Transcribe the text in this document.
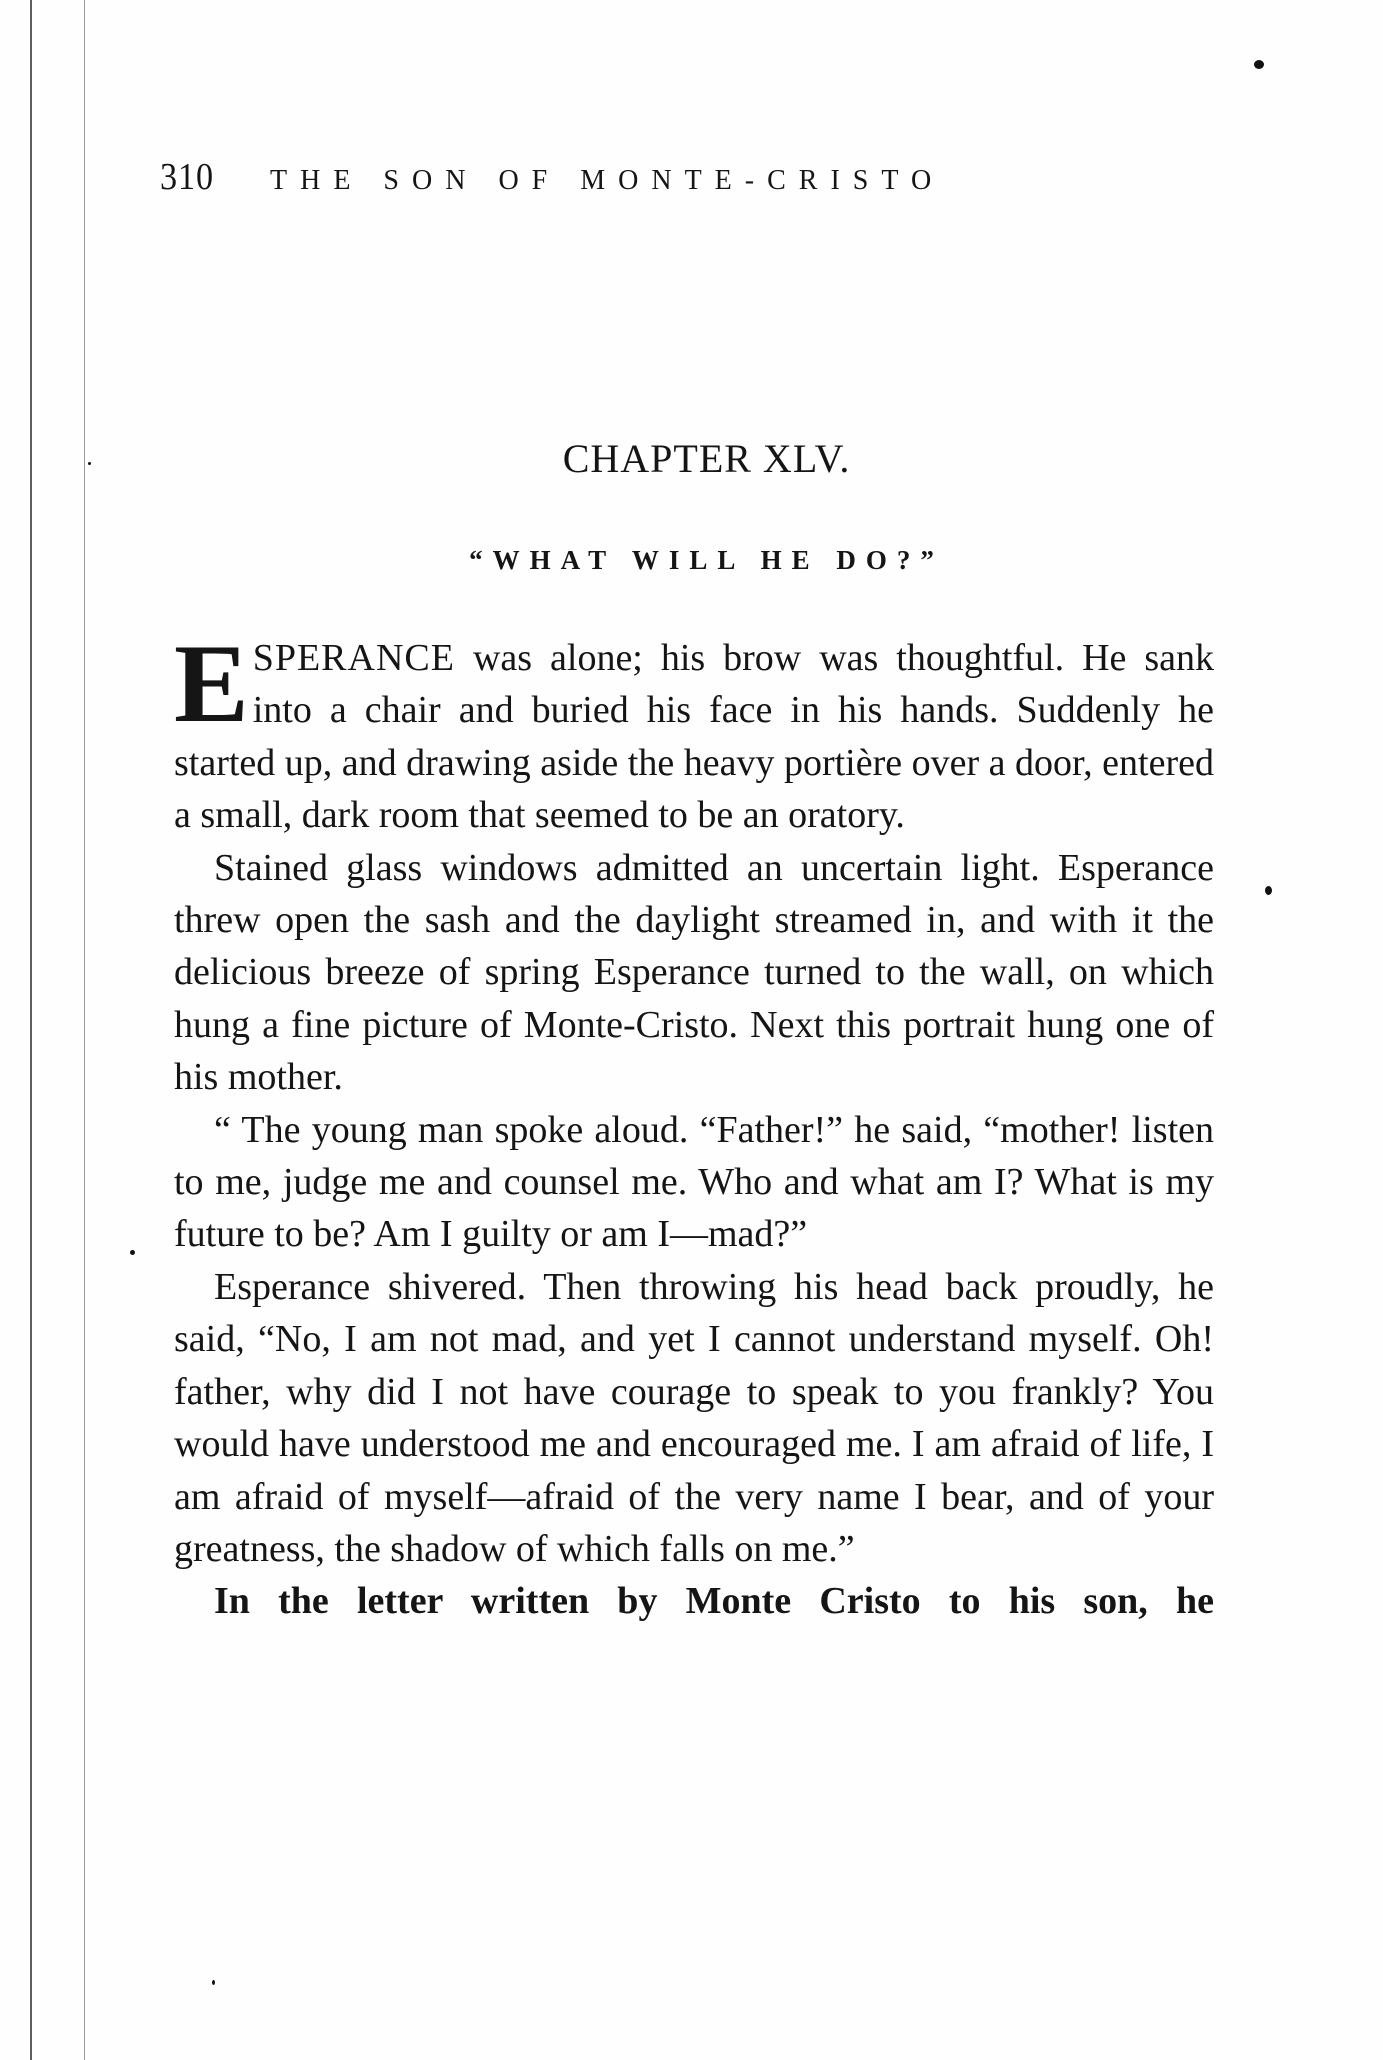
310	THE SON OF MONTE-CRISTO
CHAPTER XLV.
“WHAT WILL HE DO?”

ESPERANCE was alone; his brow was thoughtful. He sank into a chair and buried his face in his hands. Suddenly he started up, and drawing aside the heavy portière over a door, entered a small, dark room that seemed to be an oratory.

Stained glass windows admitted an uncertain light. Esperance threw open the sash and the daylight streamed in, and with it the delicious breeze of spring Esperance turned to the wall, on which hung a fine picture of Monte-Cristo. Next this portrait hung one of his mother.

“ The young man spoke aloud. “Father!” he said, “mother! listen to me, judge me and counsel me. Who and what am I? What is my future to be? Am I guilty or am I—mad?”

Esperance shivered. Then throwing his head back proudly, he said, “No, I am not mad, and yet I cannot understand myself. Oh! father, why did I not have courage to speak to you frankly? You would have understood me and encouraged me. I am afraid of life, I am afraid of myself—afraid of the very name I bear, and of your greatness, the shadow of which falls on me.”

In the letter written by Monte Cristo to his son, he
